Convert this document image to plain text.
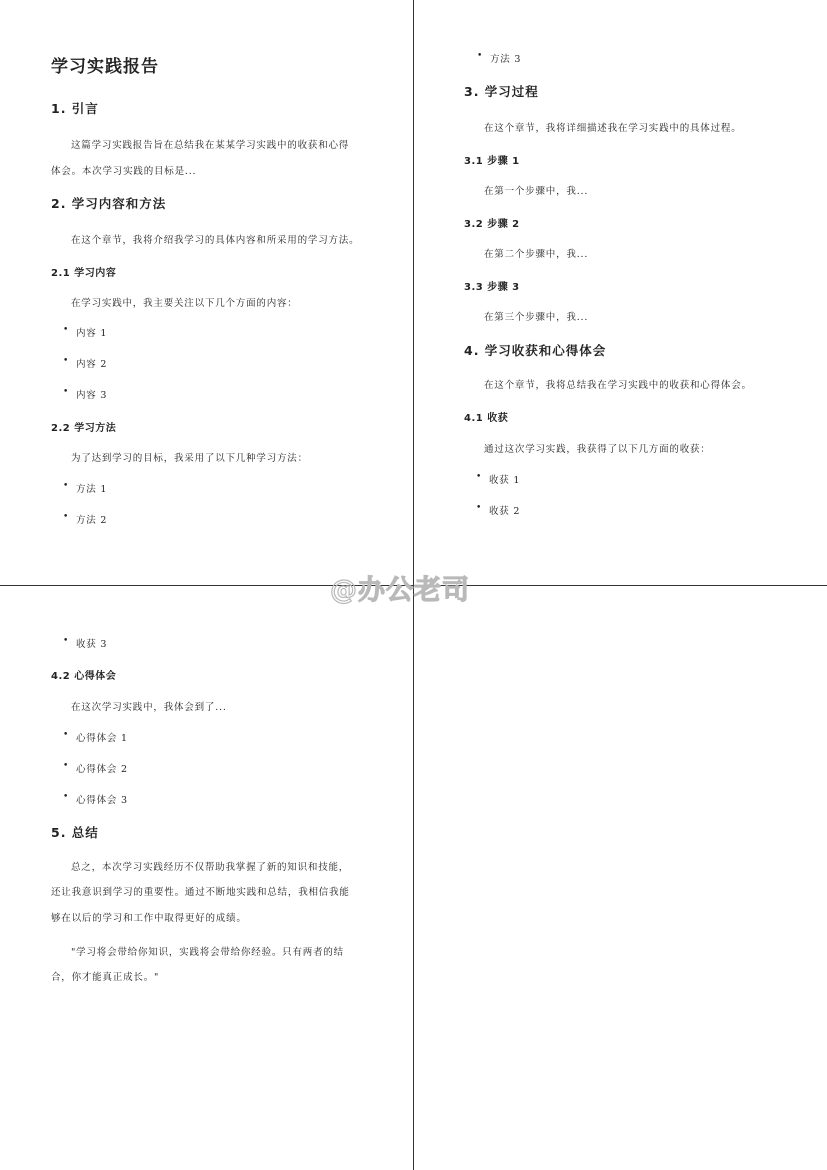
学习实践报告
1. 引言
这篇学习实践报告旨在总结我在某某学习实践中的收获和心得
体会。本次学习实践的目标是...
2. 学习内容和方法
在这个章节，我将介绍我学习的具体内容和所采用的学习方法。
2.1 学习内容
在学习实践中，我主要关注以下几个方面的内容：
• 内容 1
• 内容 2
• 内容 3
2.2 学习方法
为了达到学习的目标，我采用了以下几种学习方法：
• 方法 1
• 方法 2
• 方法 3
3. 学习过程
在这个章节，我将详细描述我在学习实践中的具体过程。
3.1 步骤 1
在第一个步骤中，我...
3.2 步骤 2
在第二个步骤中，我...
3.3 步骤 3
在第三个步骤中，我...
4. 学习收获和心得体会
在这个章节，我将总结我在学习实践中的收获和心得体会。
4.1 收获
通过这次学习实践，我获得了以下几方面的收获：
• 收获 1
• 收获 2
• 收获 3
4.2 心得体会
在这次学习实践中，我体会到了...
• 心得体会 1
• 心得体会 2
• 心得体会 3
5. 总结
总之，本次学习实践经历不仅帮助我掌握了新的知识和技能，
还让我意识到学习的重要性。通过不断地实践和总结，我相信我能
够在以后的学习和工作中取得更好的成绩。
"学习将会带给你知识，实践将会带给你经验。只有两者的结
合，你才能真正成长。"
@办公老司
